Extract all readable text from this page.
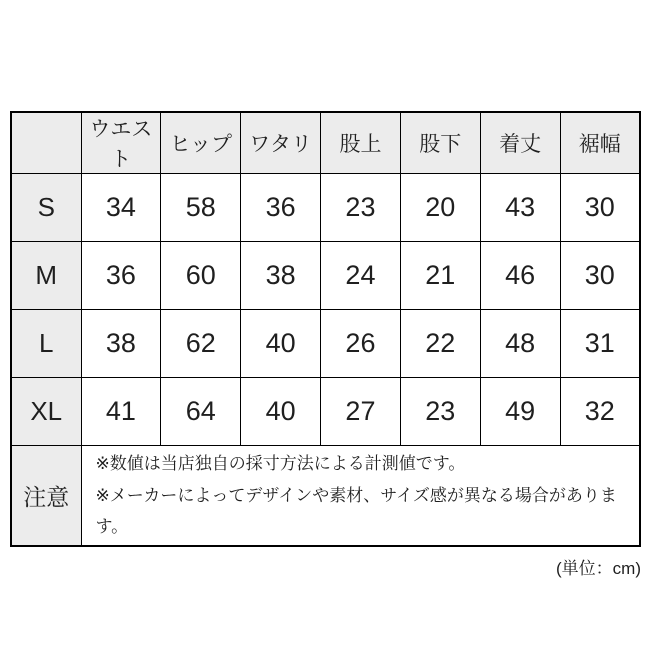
	ウエスト	ヒップ	ワタリ	股上	股下	着丈	裾幅
S	34	58	36	23	20	43	30
M	36	60	38	24	21	46	30
L	38	62	40	26	22	48	31
XL	41	64	40	27	23	49	32
注意	※数値は当店独自の採寸方法による計測値です。
※メーカーによってデザインや素材、サイズ感が異なる場合があります。						
(単位：cm)
